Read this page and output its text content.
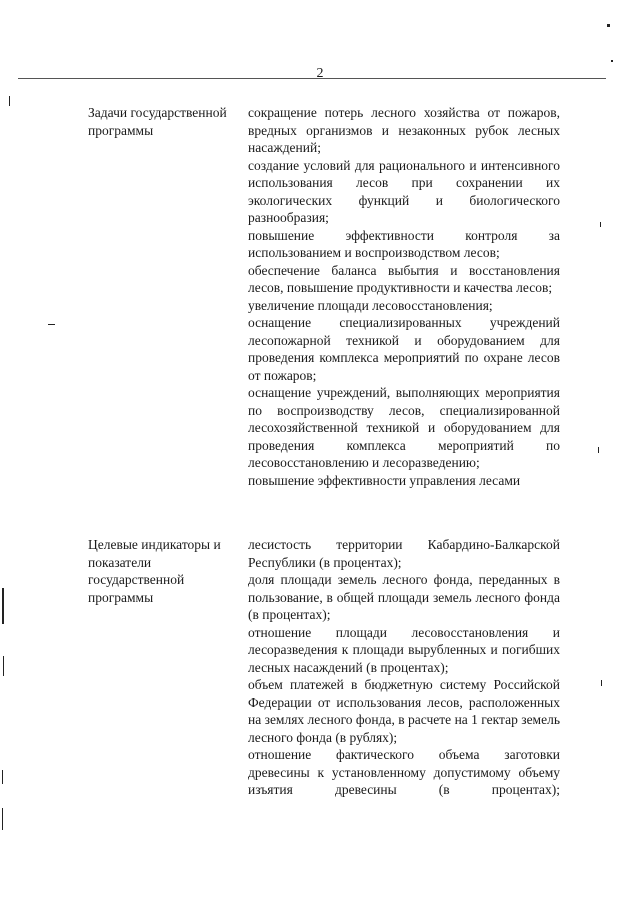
2
Задачи государственной программы

сокращение потерь лесного хозяйства от пожаров, вредных организмов и незаконных рубок лесных насаждений;

создание условий для рационального и интенсивного использования лесов при сохранении их экологических функций и биологического разнообразия;

повышение эффективности контроля за использованием и воспроизводством лесов;

обеспечение баланса выбытия и восстановления лесов, повышение продуктивности и качества лесов;

увеличение площади лесовосстановления;

оснащение специализированных учреждений лесопожарной техникой и оборудованием для проведения комплекса мероприятий по охране лесов от пожаров;

оснащение учреждений, выполняющих мероприятия по воспроизводству лесов, специализированной лесохозяйственной техникой и оборудованием для проведения комплекса мероприятий по лесовосстановлению и лесоразведению;

повышение эффективности управления лесами

Целевые индикаторы и показатели государственной программы

лесистость территории Кабардино-Балкарской Республики (в процентах);

доля площади земель лесного фонда, переданных в пользование, в общей площади земель лесного фонда (в процентах);

отношение площади лесовосстановления и лесоразведения к площади вырубленных и погибших лесных насаждений (в процентах);

объем платежей в бюджетную систему Российской Федерации от использования лесов, расположенных на землях лесного фонда, в расчете на 1 гектар земель лесного фонда (в рублях);

отношение фактического объема заготовки древесины к установленному допустимому объему изъятия древесины (в процентах);
